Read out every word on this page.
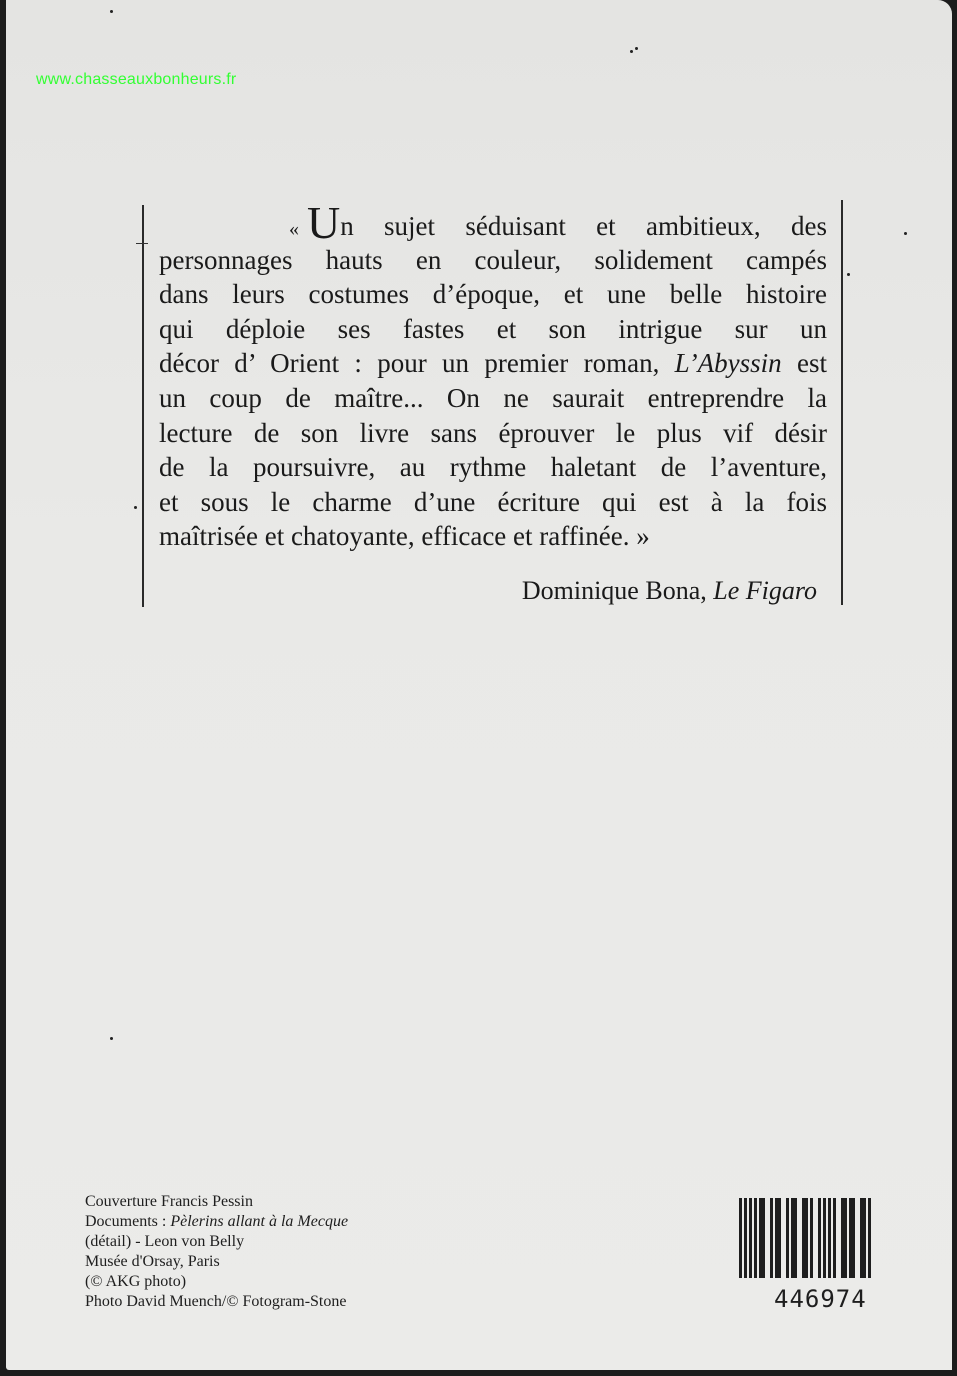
www.chasseauxbonheurs.fr
« Un sujet séduisant et ambitieux, des
personnages hauts en couleur, solidement campés
dans leurs costumes d’époque, et une belle histoire
qui déploie ses fastes et son intrigue sur un
décor d’ Orient : pour un premier roman, L’Abyssin est
un coup de maître... On ne saurait entreprendre la
lecture de son livre sans éprouver le plus vif désir
de la poursuivre, au rythme haletant de l’aventure,
et sous le charme d’une écriture qui est à la fois
maîtrisée et chatoyante, efficace et raffinée. »
Dominique Bona, Le Figaro
Couverture Francis Pessin
Documents : Pèlerins allant à la Mecque
(détail) - Leon von Belly
Musée d'Orsay, Paris
(© AKG photo)
Photo David Muench/© Fotogram-Stone	446974
